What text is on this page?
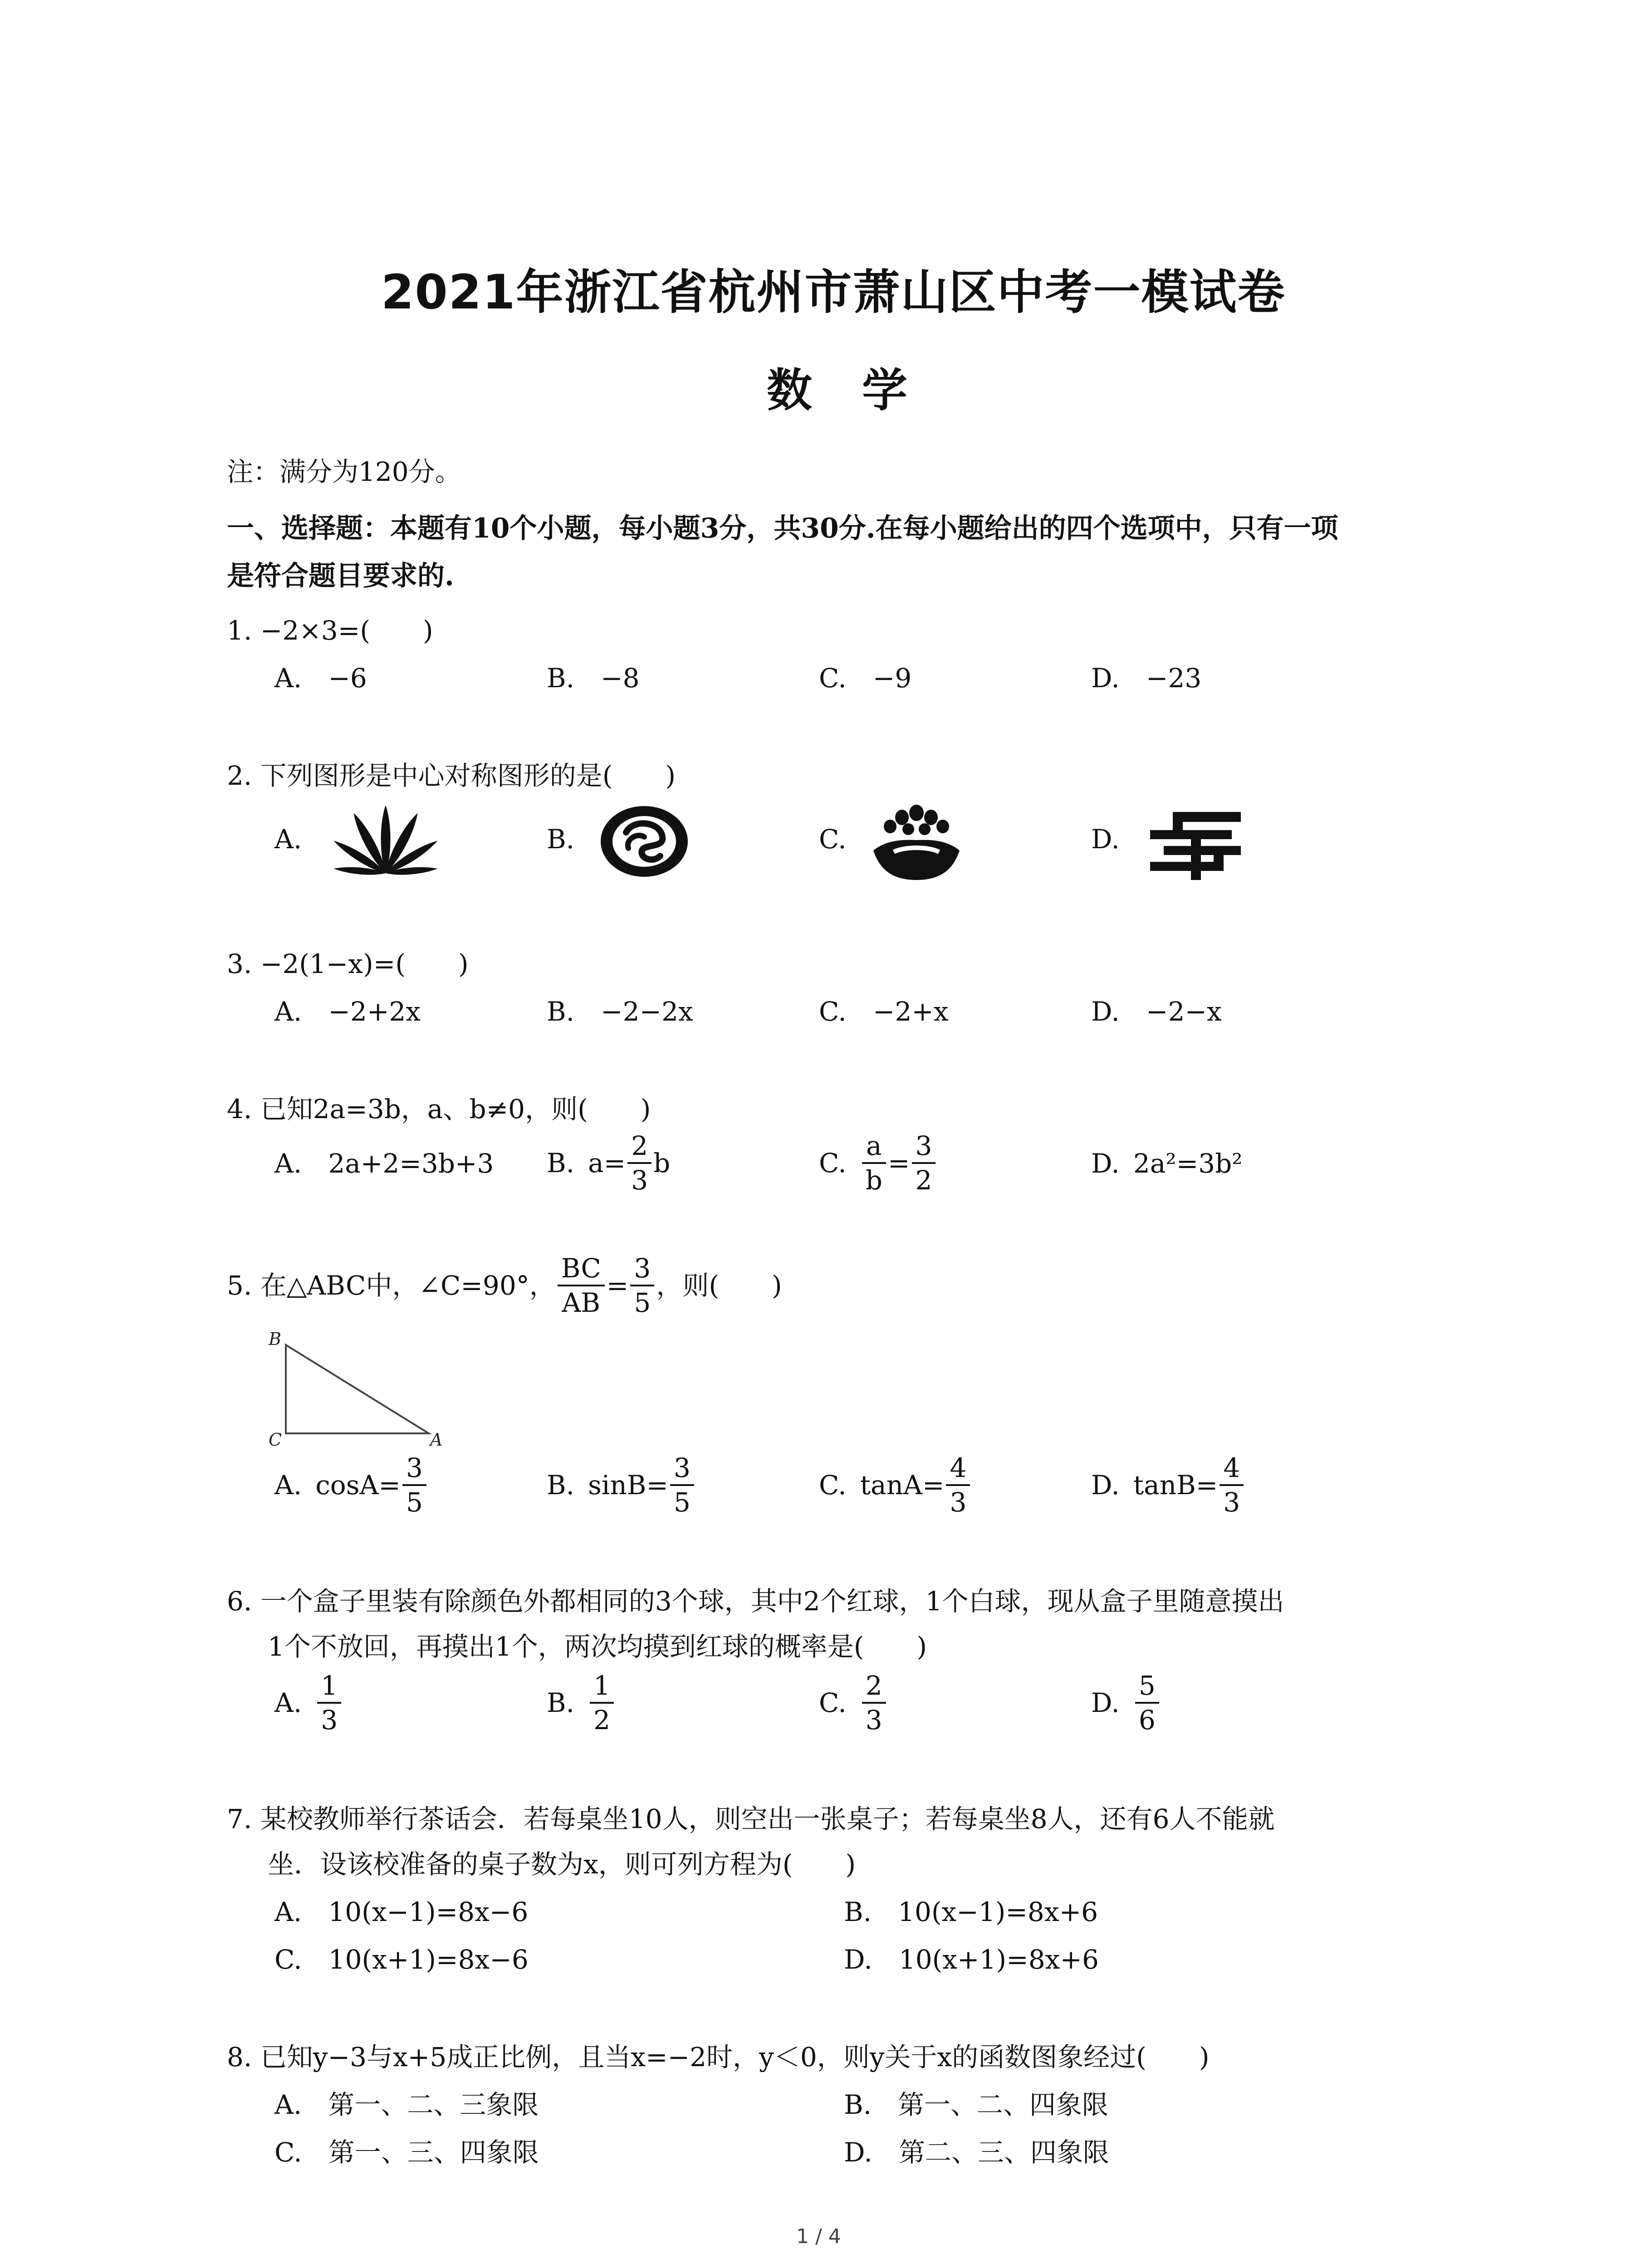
2021年浙江省杭州市萧山区中考一模试卷
数学
注：满分为120分。
一、选择题：本题有10个小题，每小题3分，共30分.在每小题给出的四个选项中，只有一项
是符合题目要求的.
1. −2×3=(　　)
A.　−6	B.　−8	C.　−9	D.　−23
2. 下列图形是中心对称图形的是(　　)
A.	B.	C.	D.
3. −2(1−x)=(　　)
A.　−2+2x	B.　−2−2x	C.　−2+x	D.　−2−x
4. 已知2a=3b，a、b≠0，则(　　)
A.　2a+2=3b+3 B. $a= \frac{2}{3}$ b	C. $\frac{a}{b} = \frac{3}{2}$	D. 2a²=3b²
5. 在△ABC中，∠C=90°， $\frac{BC}{AB} = \frac{3}{5}$ ，则(　　)
B
C	A
A. $\cos A= \frac{3}{5}$	B. $\sin B= \frac{3}{5}$	C. $\tan A= \frac{4}{3}$	D. $\tan B= \frac{4}{3}$
6. 一个盒子里装有除颜色外都相同的3个球，其中2个红球，1个白球，现从盒子里随意摸出
1个不放回，再摸出1个，两次均摸到红球的概率是(　　)
A. $\frac{1}{3}$	B. $\frac{1}{2}$	C. $\frac{2}{3}$	D. $\frac{5}{6}$
7. 某校教师举行茶话会．若每桌坐10人，则空出一张桌子；若每桌坐8人，还有6人不能就
坐．设该校准备的桌子数为x，则可列方程为(　　)
A.　10(x−1)=8x−6	B.　10(x−1)=8x+6
C.　10(x+1)=8x−6	D.　10(x+1)=8x+6
8. 已知y−3与x+5成正比例，且当x=−2时，y＜0，则y关于x的函数图象经过(　　)
A.　第一、二、三象限	B.　第一、二、四象限
C.　第一、三、四象限	D.　第二、三、四象限
1 / 4
